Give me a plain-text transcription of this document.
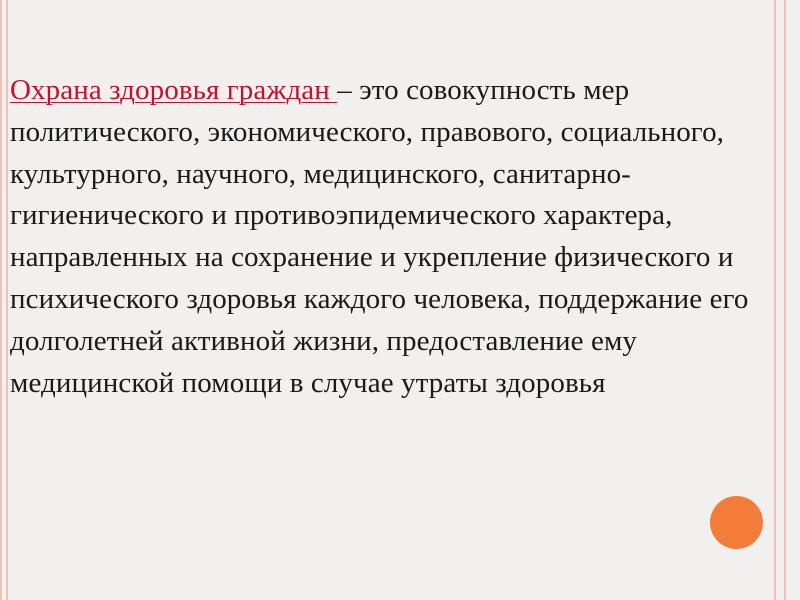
Охрана здоровья граждан – это совокупность мер политического, экономического, правового, социального, культурного, научного, медицинского, санитарно-гигиенического и противоэпидемического характера, направленных на сохранение и укрепление физического и психического здоровья каждого человека, поддержание его долголетней активной жизни, предоставление ему медицинской помощи в случае утраты здоровья
